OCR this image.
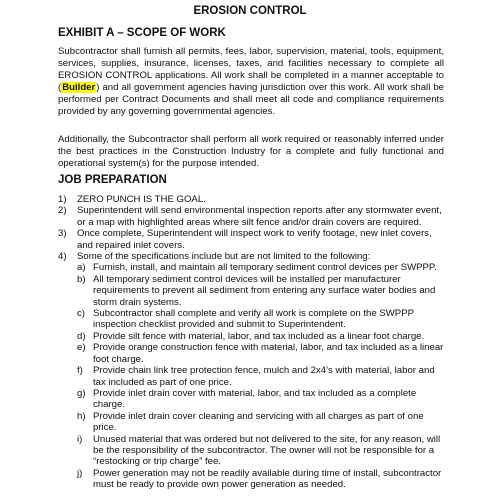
EROSION CONTROL
EXHIBIT A – SCOPE OF WORK

Subcontractor shall furnish all permits, fees, labor, supervision, material, tools, equipment, services, supplies, insurance, licenses, taxes, and facilities necessary to complete all EROSION CONTROL applications. All work shall be completed in a manner acceptable to (Builder) and all government agencies having jurisdiction over this work. All work shall be performed per Contract Documents and shall meet all code and compliance requirements provided by any governing governmental agencies.

Additionally, the Subcontractor shall perform all work required or reasonably inferred under the best practices in the Construction Industry for a complete and fully functional and operational system(s) for the purpose intended.

JOB PREPARATION
1) ZERO PUNCH IS THE GOAL.
2) Superintendent will send environmental inspection reports after any stormwater event, or a map with highlighted areas where silt fence and/or drain covers are required.
3) Once complete, Superintendent will inspect work to verify footage, new inlet covers, and repaired inlet covers.
4) Some of the specifications include but are not limited to the following:
a) Furnish, install, and maintain all temporary sediment control devices per SWPPP.
b) All temporary sediment control devices will be installed per manufacturer requirements to prevent all sediment from entering any surface water bodies and storm drain systems.
c) Subcontractor shall complete and verify all work is complete on the SWPPP inspection checklist provided and submit to Superintendent.
d) Provide silt fence with material, labor, and tax included as a linear foot charge.
e) Provide orange construction fence with material, labor, and tax included as a linear foot charge.
f) Provide chain link tree protection fence, mulch and 2x4’s with material, labor and tax included as part of one price.
g) Provide inlet drain cover with material, labor, and tax included as a complete charge.
h) Provide inlet drain cover cleaning and servicing with all charges as part of one price.
i) Unused material that was ordered but not delivered to the site, for any reason, will be the responsibility of the subcontractor. The owner will not be responsible for a “restocking or trip charge” fee.
j) Power generation may not be readily available during time of install, subcontractor must be ready to provide own power generation as needed.
